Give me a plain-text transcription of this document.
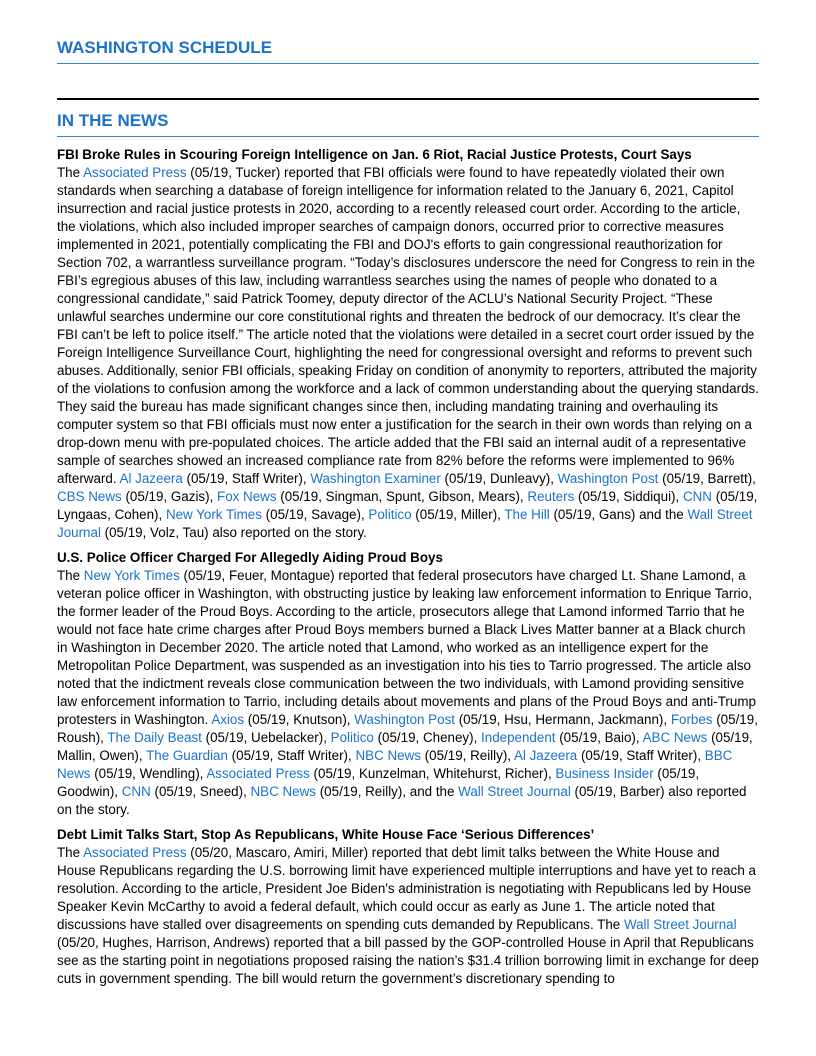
WASHINGTON SCHEDULE
IN THE NEWS

FBI Broke Rules in Scouring Foreign Intelligence on Jan. 6 Riot, Racial Justice Protests, Court Says

The Associated Press (05/19, Tucker) reported that FBI officials were found to have repeatedly violated their own standards when searching a database of foreign intelligence for information related to the January 6, 2021, Capitol insurrection and racial justice protests in 2020, according to a recently released court order. According to the article, the violations, which also included improper searches of campaign donors, occurred prior to corrective measures implemented in 2021, potentially complicating the FBI and DOJ's efforts to gain congressional reauthorization for Section 702, a warrantless surveillance program. “Today’s disclosures underscore the need for Congress to rein in the FBI’s egregious abuses of this law, including warrantless searches using the names of people who donated to a congressional candidate,” said Patrick Toomey, deputy director of the ACLU’s National Security Project. “These unlawful searches undermine our core constitutional rights and threaten the bedrock of our democracy. It’s clear the FBI can’t be left to police itself.” The article noted that the violations were detailed in a secret court order issued by the Foreign Intelligence Surveillance Court, highlighting the need for congressional oversight and reforms to prevent such abuses. Additionally, senior FBI officials, speaking Friday on condition of anonymity to reporters, attributed the majority of the violations to confusion among the workforce and a lack of common understanding about the querying standards. They said the bureau has made significant changes since then, including mandating training and overhauling its computer system so that FBI officials must now enter a justification for the search in their own words than relying on a drop-down menu with pre-populated choices. The article added that the FBI said an internal audit of a representative sample of searches showed an increased compliance rate from 82% before the reforms were implemented to 96% afterward. Al Jazeera (05/19, Staff Writer), Washington Examiner (05/19, Dunleavy), Washington Post (05/19, Barrett), CBS News (05/19, Gazis), Fox News (05/19, Singman, Spunt, Gibson, Mears), Reuters (05/19, Siddiqui), CNN (05/19, Lyngaas, Cohen), New York Times (05/19, Savage), Politico (05/19, Miller), The Hill (05/19, Gans) and the Wall Street Journal (05/19, Volz, Tau) also reported on the story.

U.S. Police Officer Charged For Allegedly Aiding Proud Boys

The New York Times (05/19, Feuer, Montague) reported that federal prosecutors have charged Lt. Shane Lamond, a veteran police officer in Washington, with obstructing justice by leaking law enforcement information to Enrique Tarrio, the former leader of the Proud Boys. According to the article, prosecutors allege that Lamond informed Tarrio that he would not face hate crime charges after Proud Boys members burned a Black Lives Matter banner at a Black church in Washington in December 2020. The article noted that Lamond, who worked as an intelligence expert for the Metropolitan Police Department, was suspended as an investigation into his ties to Tarrio progressed. The article also noted that the indictment reveals close communication between the two individuals, with Lamond providing sensitive law enforcement information to Tarrio, including details about movements and plans of the Proud Boys and anti-Trump protesters in Washington. Axios (05/19, Knutson), Washington Post (05/19, Hsu, Hermann, Jackmann), Forbes (05/19, Roush), The Daily Beast (05/19, Uebelacker), Politico (05/19, Cheney), Independent (05/19, Baio), ABC News (05/19, Mallin, Owen), The Guardian (05/19, Staff Writer), NBC News (05/19, Reilly), Al Jazeera (05/19, Staff Writer), BBC News (05/19, Wendling), Associated Press (05/19, Kunzelman, Whitehurst, Richer), Business Insider (05/19, Goodwin), CNN (05/19, Sneed), NBC News (05/19, Reilly), and the Wall Street Journal (05/19, Barber) also reported on the story.

Debt Limit Talks Start, Stop As Republicans, White House Face ‘Serious Differences’

The Associated Press (05/20, Mascaro, Amiri, Miller) reported that debt limit talks between the White House and House Republicans regarding the U.S. borrowing limit have experienced multiple interruptions and have yet to reach a resolution. According to the article, President Joe Biden's administration is negotiating with Republicans led by House Speaker Kevin McCarthy to avoid a federal default, which could occur as early as June 1. The article noted that discussions have stalled over disagreements on spending cuts demanded by Republicans. The Wall Street Journal (05/20, Hughes, Harrison, Andrews) reported that a bill passed by the GOP-controlled House in April that Republicans see as the starting point in negotiations proposed raising the nation’s $31.4 trillion borrowing limit in exchange for deep cuts in government spending. The bill would return the government’s discretionary spending to
